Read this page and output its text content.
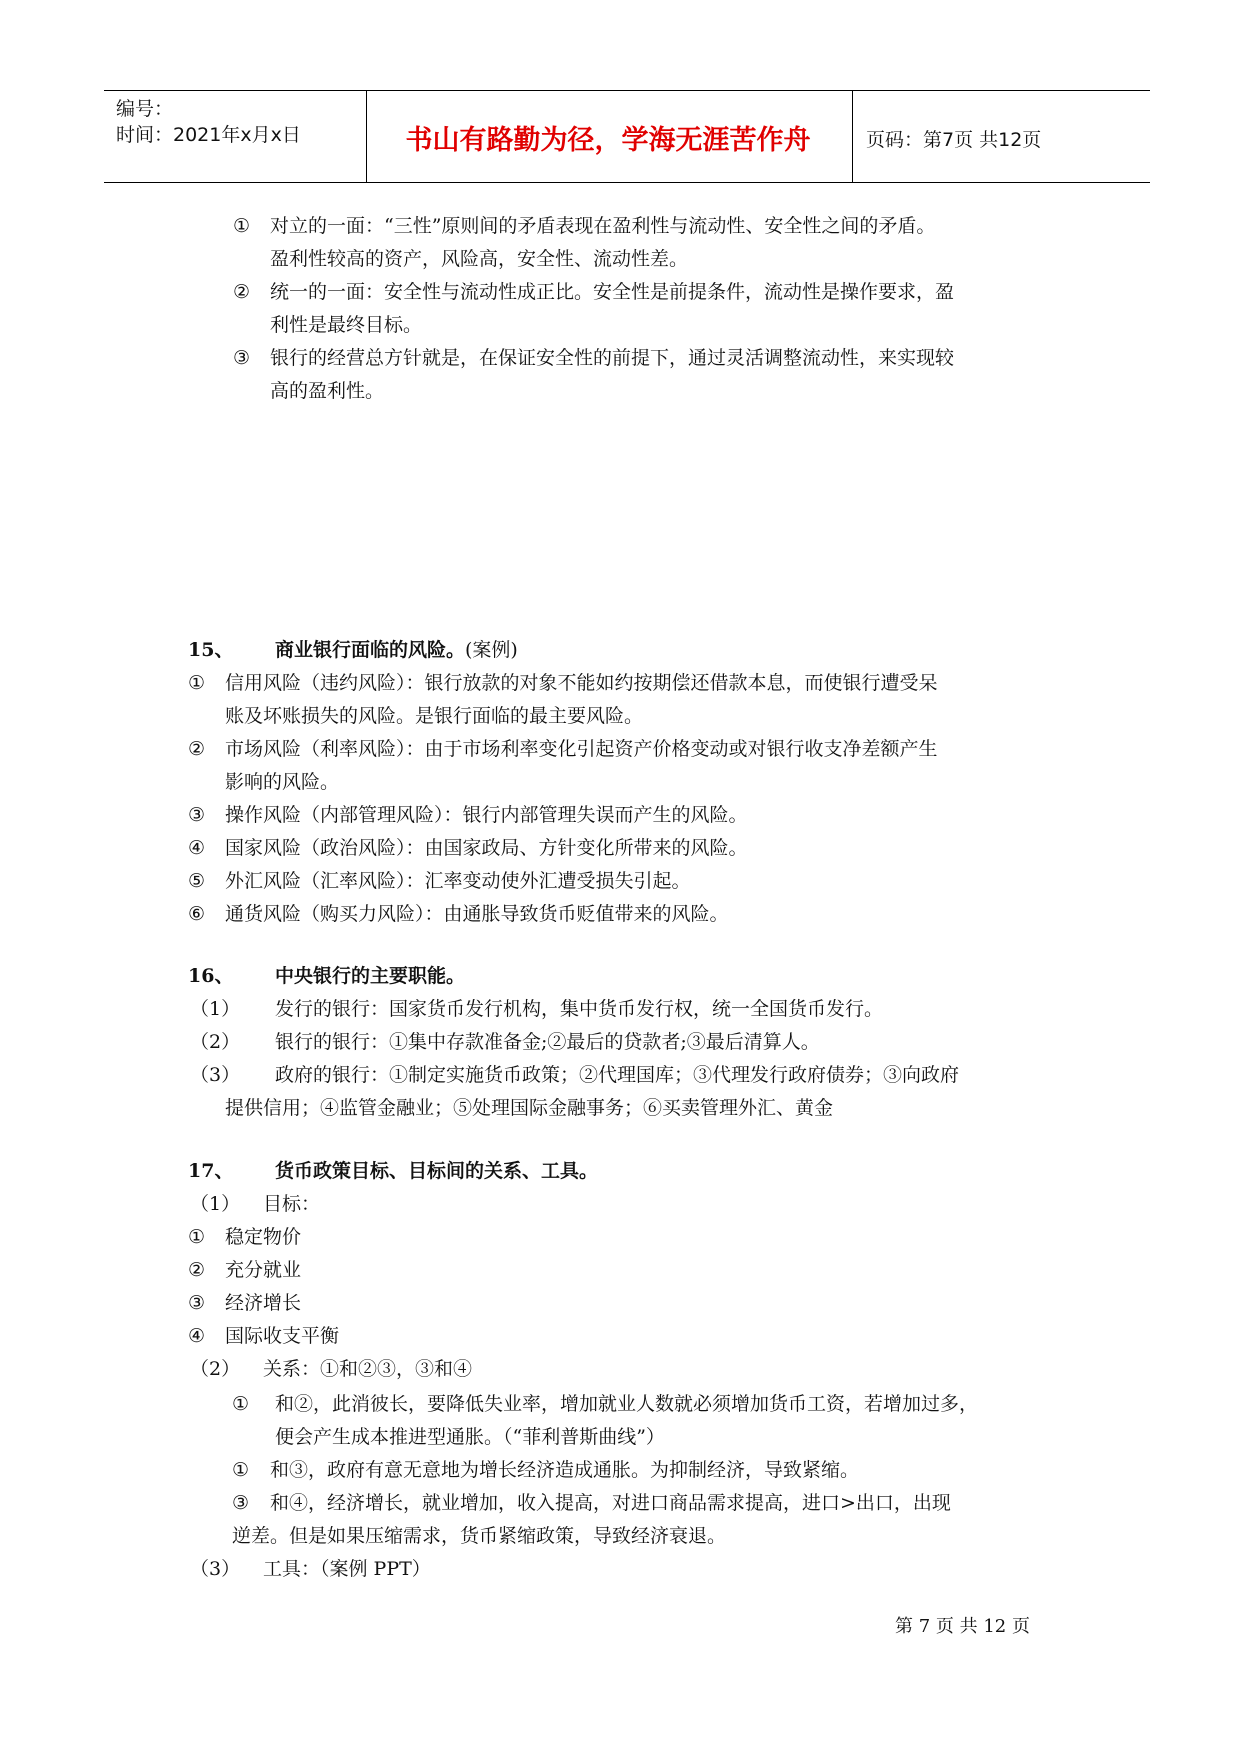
编号：
时间：2021年x月x日	书山有路勤为径，学海无涯苦作舟	页码：第7页 共12页
① 对立的一面：“三性”原则间的矛盾表现在盈利性与流动性、安全性之间的矛盾。
盈利性较高的资产，风险高，安全性、流动性差。
② 统一的一面：安全性与流动性成正比。安全性是前提条件，流动性是操作要求，盈
利性是最终目标。
③ 银行的经营总方针就是，在保证安全性的前提下，通过灵活调整流动性，来实现较
高的盈利性。
15、 商业银行面临的风险。(案例)
① 信用风险（违约风险）：银行放款的对象不能如约按期偿还借款本息，而使银行遭受呆
账及坏账损失的风险。是银行面临的最主要风险。
② 市场风险（利率风险）：由于市场利率变化引起资产价格变动或对银行收支净差额产生
影响的风险。
③ 操作风险（内部管理风险）：银行内部管理失误而产生的风险。
④ 国家风险（政治风险）：由国家政局、方针变化所带来的风险。
⑤ 外汇风险（汇率风险）：汇率变动使外汇遭受损失引起。
⑥ 通货风险（购买力风险）：由通胀导致货币贬值带来的风险。
16、 中央银行的主要职能。
（1） 发行的银行：国家货币发行机构，集中货币发行权，统一全国货币发行。
（2） 银行的银行：①集中存款准备金;②最后的贷款者;③最后清算人。
（3） 政府的银行：①制定实施货币政策；②代理国库；③代理发行政府债券；③向政府
提供信用；④监管金融业；⑤处理国际金融事务；⑥买卖管理外汇、黄金
17、 货币政策目标、目标间的关系、工具。
（1） 目标：
① 稳定物价
② 充分就业
③ 经济增长
④ 国际收支平衡
（2） 关系：①和②③，③和④
① 和②，此消彼长，要降低失业率，增加就业人数就必须增加货币工资，若增加过多，
便会产生成本推进型通胀。（“菲利普斯曲线”）
① 和③，政府有意无意地为增长经济造成通胀。为抑制经济，导致紧缩。
③ 和④，经济增长，就业增加，收入提高，对进口商品需求提高，进口>出口，出现
逆差。但是如果压缩需求，货币紧缩政策，导致经济衰退。
（3） 工具：（案例 PPT）
第 7 页 共 12 页
